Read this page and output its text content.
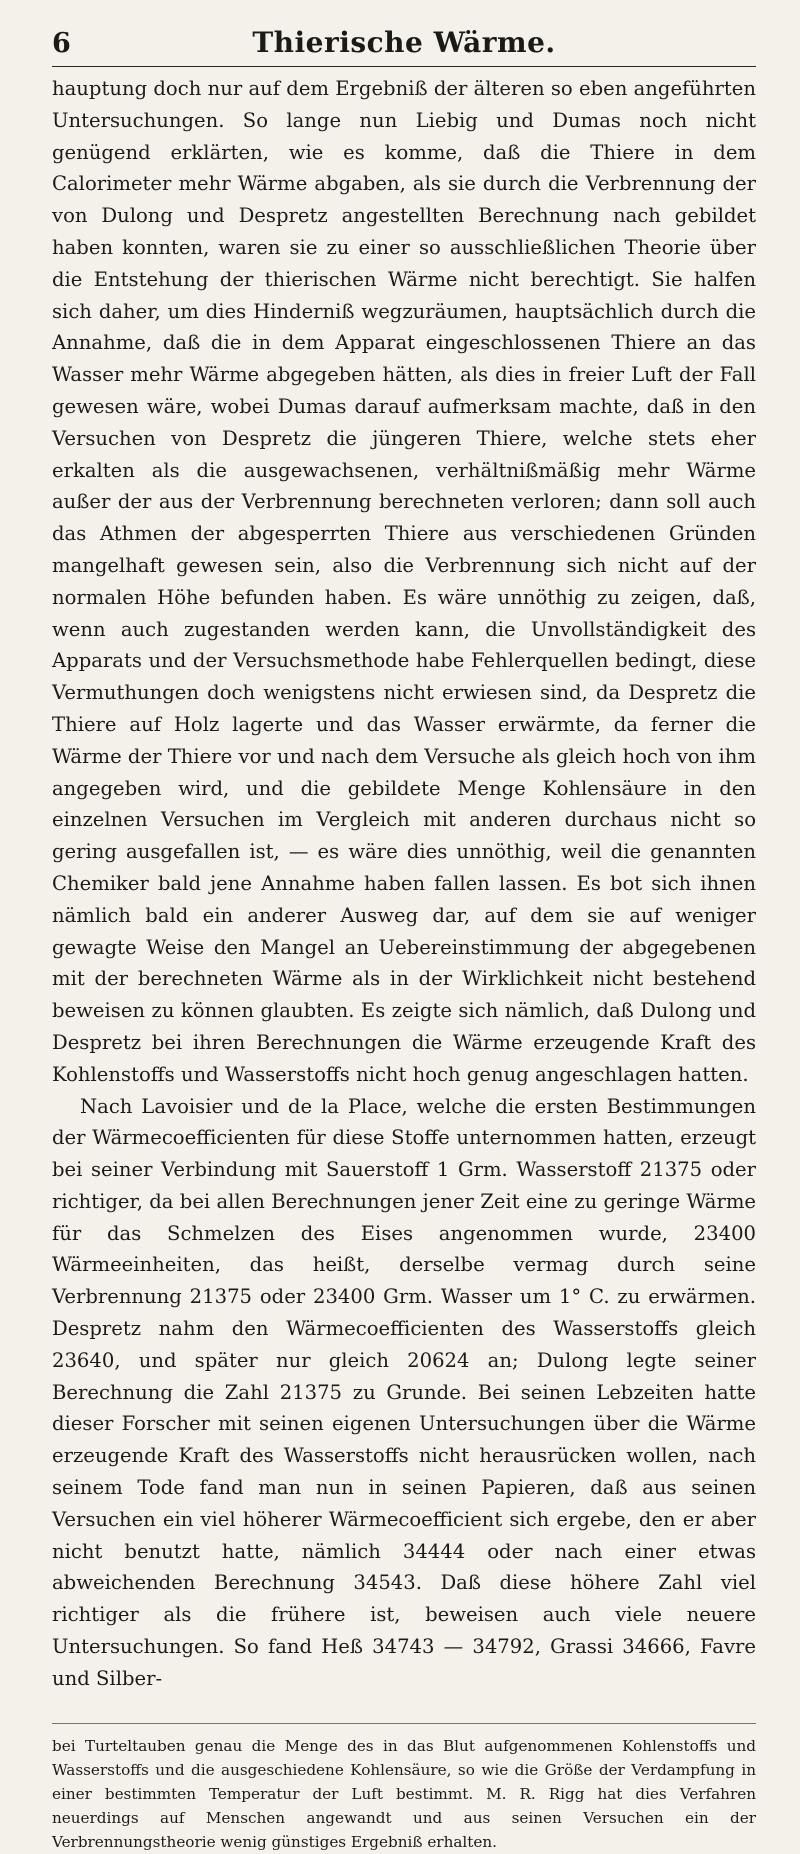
6	Thierische Wärme.

hauptung doch nur auf dem Ergebniß der älteren so eben angeführten Untersuchungen. So lange nun Liebig und Dumas noch nicht genügend erklärten, wie es komme, daß die Thiere in dem Calorimeter mehr Wärme abgaben, als sie durch die Verbrennung der von Dulong und Despretz angestellten Berechnung nach gebildet haben konnten, waren sie zu einer so ausschließlichen Theorie über die Entstehung der thierischen Wärme nicht berechtigt. Sie halfen sich daher, um dies Hinderniß wegzuräumen, hauptsächlich durch die Annahme, daß die in dem Apparat eingeschlossenen Thiere an das Wasser mehr Wärme abgegeben hätten, als dies in freier Luft der Fall gewesen wäre, wobei Dumas darauf aufmerksam machte, daß in den Versuchen von Despretz die jüngeren Thiere, welche stets eher erkalten als die ausgewachsenen, verhältnißmäßig mehr Wärme außer der aus der Verbrennung berechneten verloren; dann soll auch das Athmen der abgesperrten Thiere aus verschiedenen Gründen mangelhaft gewesen sein, also die Verbrennung sich nicht auf der normalen Höhe befunden haben. Es wäre unnöthig zu zeigen, daß, wenn auch zugestanden werden kann, die Unvollständigkeit des Apparats und der Versuchsmethode habe Fehlerquellen bedingt, diese Vermuthungen doch wenigstens nicht erwiesen sind, da Despretz die Thiere auf Holz lagerte und das Wasser erwärmte, da ferner die Wärme der Thiere vor und nach dem Versuche als gleich hoch von ihm angegeben wird, und die gebildete Menge Kohlensäure in den einzelnen Versuchen im Vergleich mit anderen durchaus nicht so gering ausgefallen ist, — es wäre dies unnöthig, weil die genannten Chemiker bald jene Annahme haben fallen lassen. Es bot sich ihnen nämlich bald ein anderer Ausweg dar, auf dem sie auf weniger gewagte Weise den Mangel an Uebereinstimmung der abgegebenen mit der berechneten Wärme als in der Wirklichkeit nicht bestehend beweisen zu können glaubten. Es zeigte sich nämlich, daß Dulong und Despretz bei ihren Berechnungen die Wärme erzeugende Kraft des Kohlenstoffs und Wasserstoffs nicht hoch genug angeschlagen hatten.

Nach Lavoisier und de la Place, welche die ersten Bestimmungen der Wärmecoefficienten für diese Stoffe unternommen hatten, erzeugt bei seiner Verbindung mit Sauerstoff 1 Grm. Wasserstoff 21375 oder richtiger, da bei allen Berechnungen jener Zeit eine zu geringe Wärme für das Schmelzen des Eises angenommen wurde, 23400 Wärmeeinheiten, das heißt, derselbe vermag durch seine Verbrennung 21375 oder 23400 Grm. Wasser um 1° C. zu erwärmen. Despretz nahm den Wärmecoefficienten des Wasserstoffs gleich 23640, und später nur gleich 20624 an; Dulong legte seiner Berechnung die Zahl 21375 zu Grunde. Bei seinen Lebzeiten hatte dieser Forscher mit seinen eigenen Untersuchungen über die Wärme erzeugende Kraft des Wasserstoffs nicht herausrücken wollen, nach seinem Tode fand man nun in seinen Papieren, daß aus seinen Versuchen ein viel höherer Wärmecoefficient sich ergebe, den er aber nicht benutzt hatte, nämlich 34444 oder nach einer etwas abweichenden Berechnung 34543. Daß diese höhere Zahl viel richtiger als die frühere ist, beweisen auch viele neuere Untersuchungen. So fand Heß 34743 — 34792, Grassi 34666, Favre und Silber-

bei Turteltauben genau die Menge des in das Blut aufgenommenen Kohlenstoffs und Wasserstoffs und die ausgeschiedene Kohlensäure, so wie die Größe der Verdampfung in einer bestimmten Temperatur der Luft bestimmt. M. R. Rigg hat dies Verfahren neuerdings auf Menschen angewandt und aus seinen Versuchen ein der Verbrennungstheorie wenig günstiges Ergebniß erhalten.
